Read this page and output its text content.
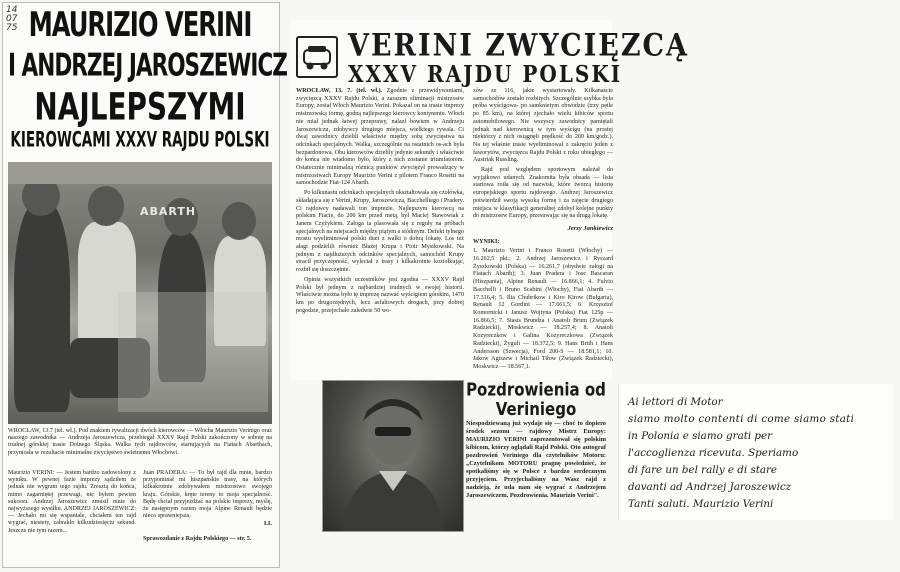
14 07 75 MAURIZIO VERINI
I ANDRZEJ JAROSZEWICZ
NAJLEPSZYMI
KIEROWCAMI XXXV RAJDU POLSKI
ABARTH
WROCŁAW, 13.7 (tel. wł.). Pod znakiem rywalizacji dwóch kierowców — Włocha Maurizio Verinigo oraz naszego zawodnika — Andrzeja Jaroszewicza, przebiegał XXXV Rajd Polski zakończony w sobotę na trudnej górskiej trasie Dolnego Śląska. Walka tych rajdowców, startujących na Fiatach Abarthach, przyniosła w rezultacie minimalne zwycięstwo świetnemu Włochowi.
Maurizio VERINI: — Jestem bardzo zadowolony z wyniku. W pewnej fazie imprezy sądziłem że jednak nie wygram tego rajdu. Zresztą do końca, mimo zagarniętej przewagi, nie byłem pewien sukcesu. Andrzej Jaroszewicz zmusił mnie do najwyższego wysiłku. ANDRZEJ JAROSZEWICZ: — Jechało mi się wspaniale, chciałem ten rajd wygrać, niestety, zabrakło kilkudziesięciu sekund. Jeszcze nie tym razem...
Juan PRADERA: — To był rajd dla mnie, bardzo przypominał mi hiszpańskie trasy, na których kilkakrotnie zdobywałem mistrzostwo swojego kraju. Górskie, kręte tereny to moja specjalność. Będę chciał przyjeżdżać na polskie imprezy, myślę, że następnym razem moja Alpine Renault będzie nieco sprawniejsza.
I.I.
Sprawozdanie z Rajdu Polskiego — str. 5.
VERINI ZWYCIĘZCĄ
XXXV RAJDU POLSKI
WROCŁAW, 13. 7. (tel. wł.). Zgodnie z przewidywaniami, zwycięzcą XXXV Rajdu Polski, a zarazem eliminacji mistrzostw Europy, został Włoch Maurizio Verini. Pokazał on na trasie imprezy mistrzowską formę, godną najlepszego kierowcy kontynentu. Włoch nie miał jednak łatwej przeprawy, nalazł bowiem w Andrzeju Jaroszewiczu, zdobywcy drugiego miejsca, wielkiego rywala. Ci dwaj zawodnicy dzielili właściwie między sobą zwycięstwa na odcinkach specjalnych. Walka, szczególnie na ostatnich os-ach była bezpardonowa. Obu kierowców dzielily jedynie sekundy i właściwie do końca nie wiadomo było, który z nich zostanie triumfatorem. Ostatecznie minimalną różnicą punktów zwyciężył prowadzący w mistrzostwach Europy Maurizio Verini z pilotem Franco Rosetti na samochodzie Fiat-124 Abarth.
Po kilkunastu odcinkach specjalnych ukształtowała się czołówka, składająca się z Verini, Krupy, Jaroszewicza, Bacchelliego i Pradery. Ci rajdowcy nadawali ton imprezie. Najlepszym kierowcą na polskim Fiacie, do 200 km przed metą, był Maciej Stawowiak z Janem Czyżykiem. Załoga ta plasowała się z reguły na próbach specjalnych na miejscach między piątym a siódmym. Defekt tylnego mostu wyeliminował polski duet z walki o dobrą lokatę. Los też ałagi podzielili również Błażej Krupa i Piotr Mystkowski. Na jednym z najdłuższych odcinków specjalnych, samochód Krupy stracił przyczepność, wyleciał z trasy i kilkakrotnie koziołkując, rozbił się doszczętnie.
Opinia wszystkich uczestników jest zgodna — XXXV Rajd Polski był jednym z najbardziej trudnych w swojej historii. Właściwie można było tę imprezę nazwać wyścigiem górskim, 1470 km po drugorzędnych, lecz asfaltowych drogach, przy dobrej pogodzie, przejechało zaledwie 50 wo-
zów ze 116, jakie wystartowały. Kilkanaście samochodów zostało rozbitych. Szczególnie szybka była próba wyścigowa- po samknietym obwodzie (trzy pętle po 85 km), na której zjechało wielu kibiców sportu automobilowego. Nie wszyscy zawodnicy pamiętali jednak nad kierownicą w tym wyścigu (na prostej niektórzy z nich osiągnęli prędkość do 200 km/godz.). Na tej właśnie trasie wyeliminował z zakręciu jeden z faworytów, zwycięzca Rajdu Polski z roku ubiegłego — Austriak Russling.
Rajd pod względem sportowym należał do wyjątkowo udanych. Znakomita była obsada — lista startowa roiła się od nazwisk, które tworzą historię europejskiego sportu rajdowego. Andrzej Jaroszewicz potwierdził swoją wysoką formę i za zajęcie drugiego miejsca w klasyfikacji generalnej zdobył kolejne punkty do mistrzostw Europy, przesuwając się na drugą lokatę.
Jerzy Jankiewicz
WYNIKI:
1. Maurizio Verini i Franco Rosetti (Włochy) — 16.262,5 pkt.; 2. Andrzej Jaroszewicz i Ryszard Żyszkowski (Polska) — 16.261,7 (obydwie załogi na Fiatach Abarth); 3. Juan Pradera i Jose Bascaran (Hiszpania), Alpine Renault — 16.866,1; 4. Fulvio Bacchelli i Bruno Scabini (Włochy), Fiat Abarth — 17.316,4; 5. Ilia Chubrikow i Kiro Kirow (Bułgaria), Renault 12 Gordini — 17.661,5; 6. Krzysztof Komornicki i Janusz Wojtyna (Polska) Fiat 125p — 16.866,5; 7. Stasis Brundza i Anatoli Brum (Związek Radziecki), Moskwicz — 18.257,4; 8. Anatoli Kozyreczkow i Galina Kozyreczkowa (Związek Radziecki), Żyguli — 18.372,5; 9. Hans Brith i Hans Andersson (Szwecja), Ford 200-S — 18.581,1; 10. Jakow Agiszew i Michail Tiłow (Związek Radziecki), Moskwicz — 18.567,1.
Pozdrowienia od Veriniego
Niespodziewaną już wydaje się — choć to dopiero środek sezonu — rajdowy Mistrz Europy: MAURIZIO VERINI zaprezentował się polskim kibicom, którzy oglądali Rajd Polski. Oto autograf pozdrowień Veriniego dla czytelników Motoru: „Czytelnikom MOTORU pragnę powiedzieć, że spotkaliśmy się w Polsce z bardzo serdecznym przyjęciem. Przyjechaliśmy na Wasz rajd z nadzieją, że uda nam się wygrać z Andrzejem Jaroszewiczem. Pozdrowienia. Maurizio Verini".
Ai lettori di Motor
siamo molto contenti di come siamo stati
in Polonia e siamo grati per
l'accoglienza ricevuta. Speriamo
di fare un bel rally e di stare
davanti ad Andrzej Jaroszewicz
Tanti saluti. Maurizio Verini
